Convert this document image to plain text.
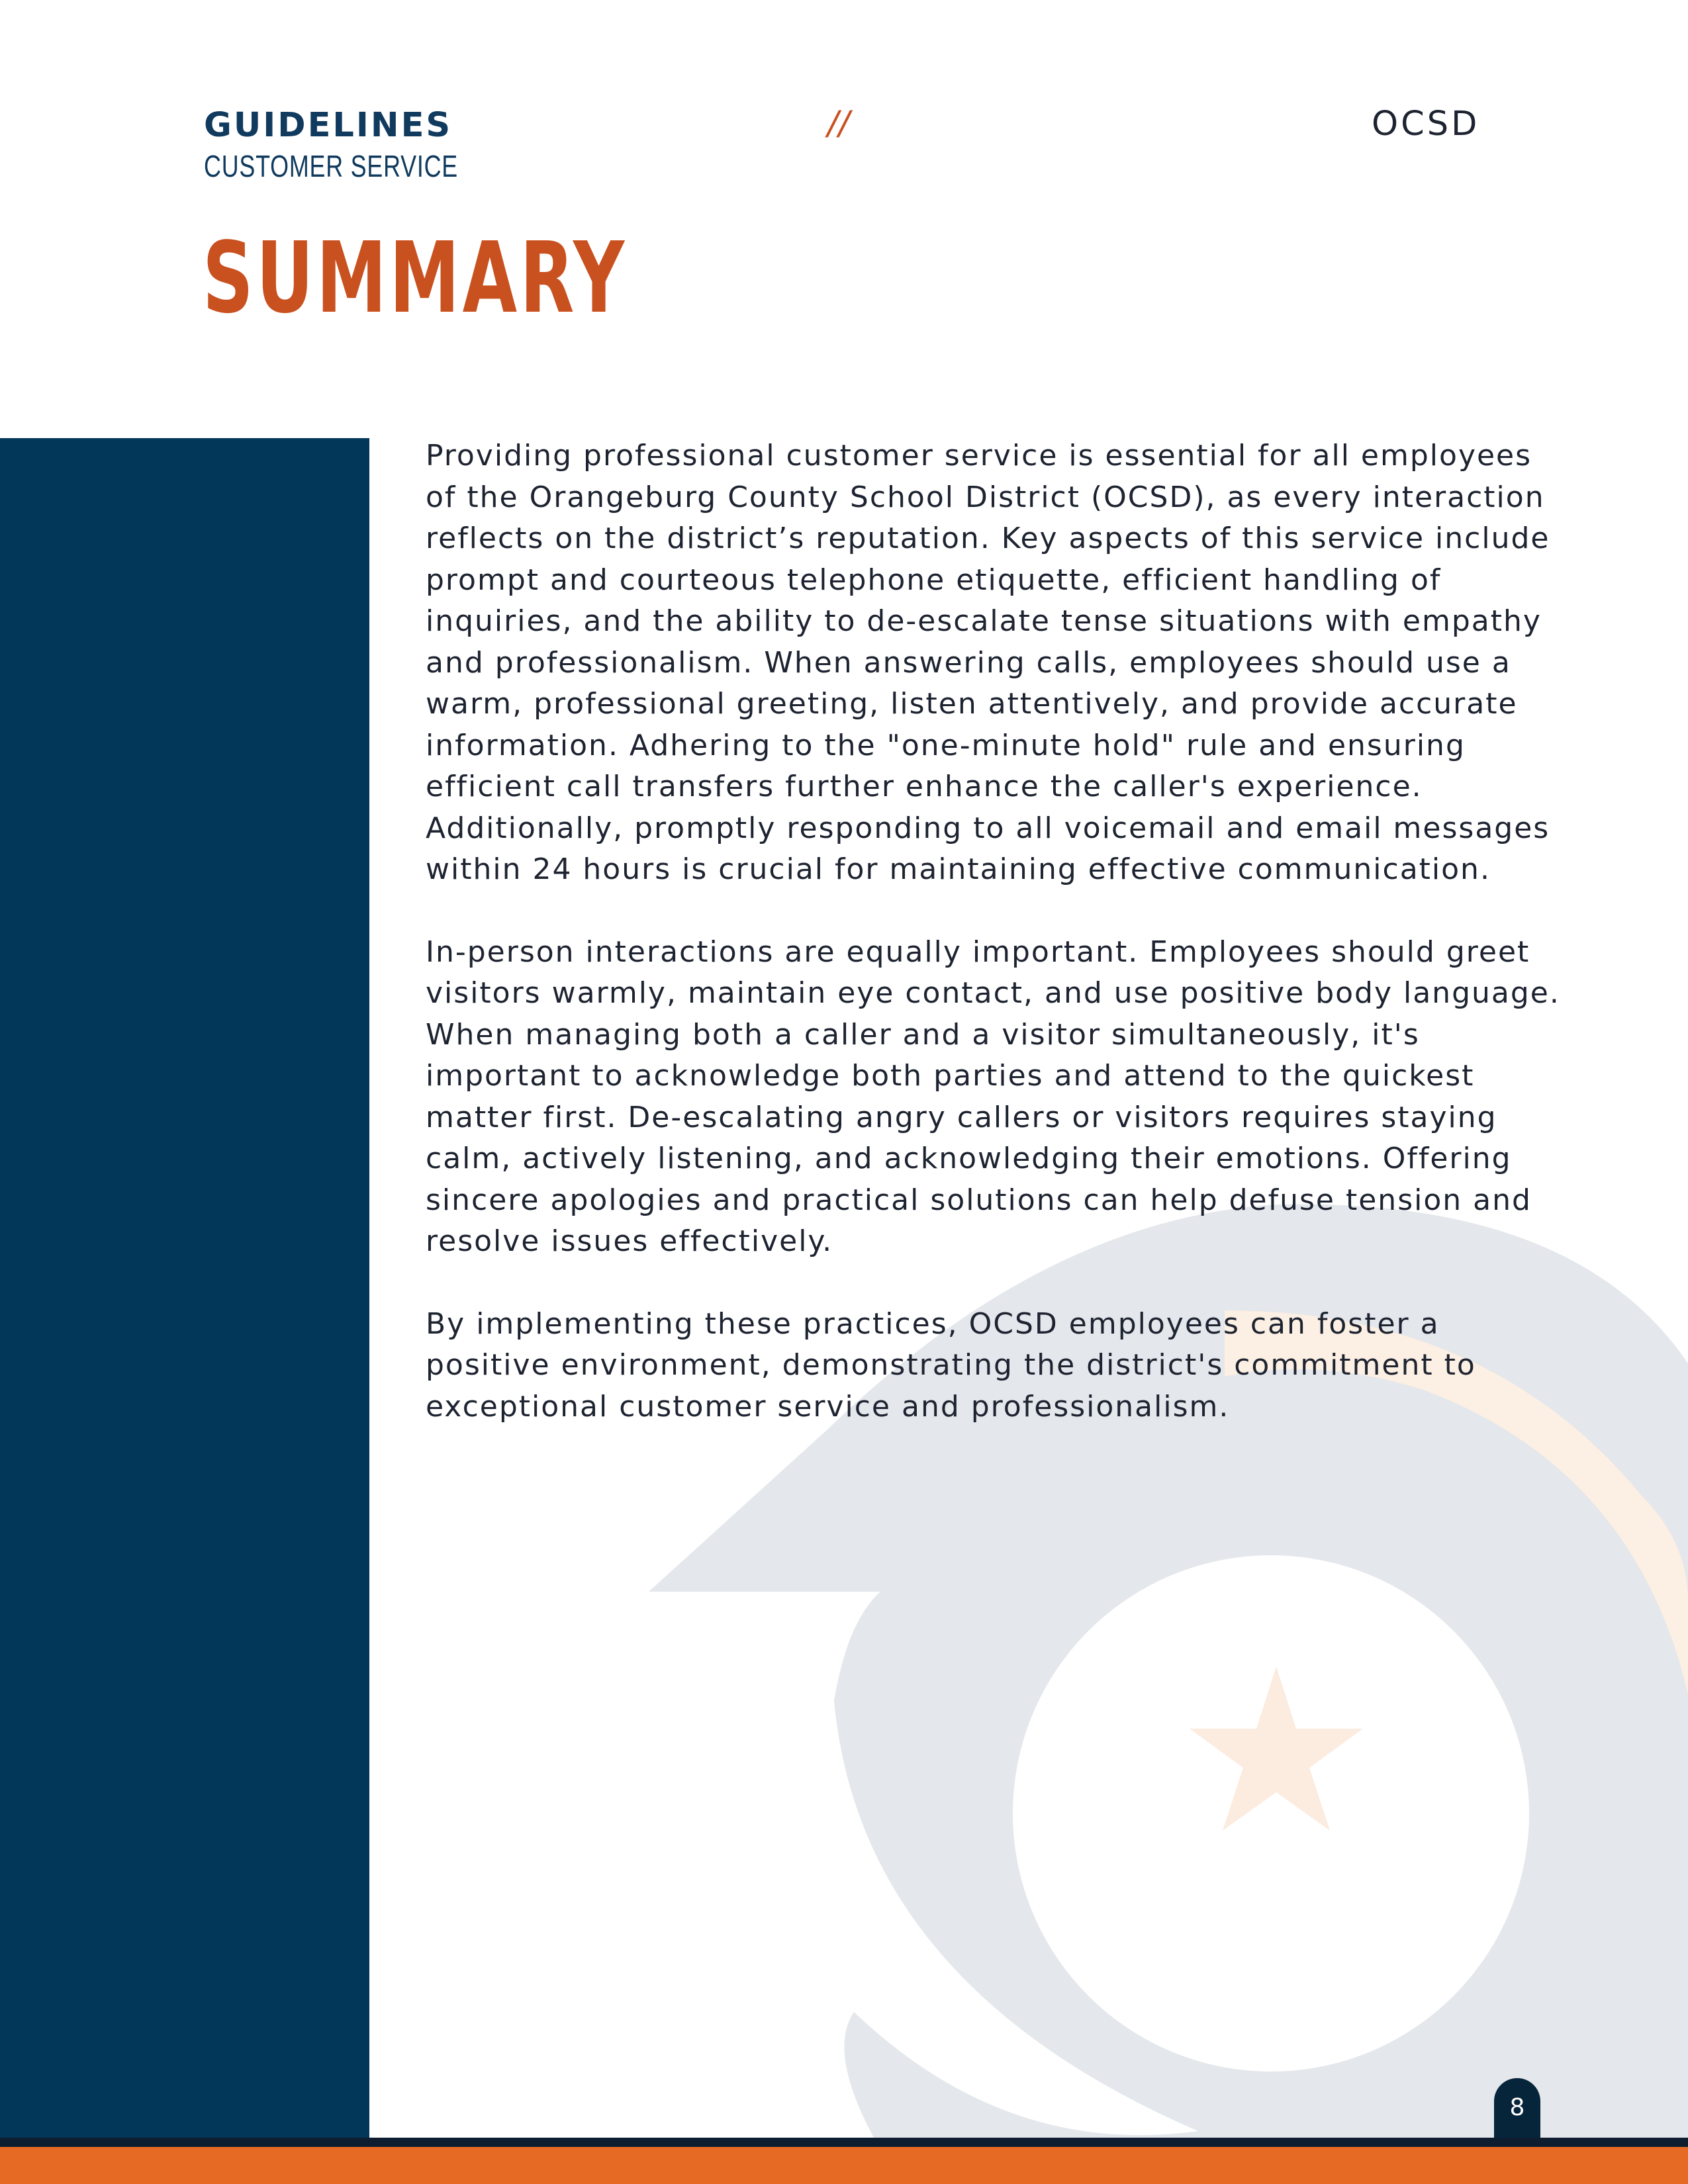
GUIDELINES
CUSTOMER SERVICE
//	OCSD
SUMMARY

Providing professional customer service is essential for all employees of the Orangeburg County School District (OCSD), as every interaction reflects on the district’s reputation. Key aspects of this service include prompt and courteous telephone etiquette, efficient handling of inquiries, and the ability to de-escalate tense situations with empathy and professionalism. When answering calls, employees should use a warm, professional greeting, listen attentively, and provide accurate information. Adhering to the "one-minute hold" rule and ensuring efficient call transfers further enhance the caller's experience. Additionally, promptly responding to all voicemail and email messages within 24 hours is crucial for maintaining effective communication.

In-person interactions are equally important. Employees should greet visitors warmly, maintain eye contact, and use positive body language. When managing both a caller and a visitor simultaneously, it's important to acknowledge both parties and attend to the quickest matter first. De-escalating angry callers or visitors requires staying calm, actively listening, and acknowledging their emotions. Offering sincere apologies and practical solutions can help defuse tension and resolve issues effectively.

By implementing these practices, OCSD employees can foster a positive environment, demonstrating the district's commitment to exceptional customer service and professionalism.

8
